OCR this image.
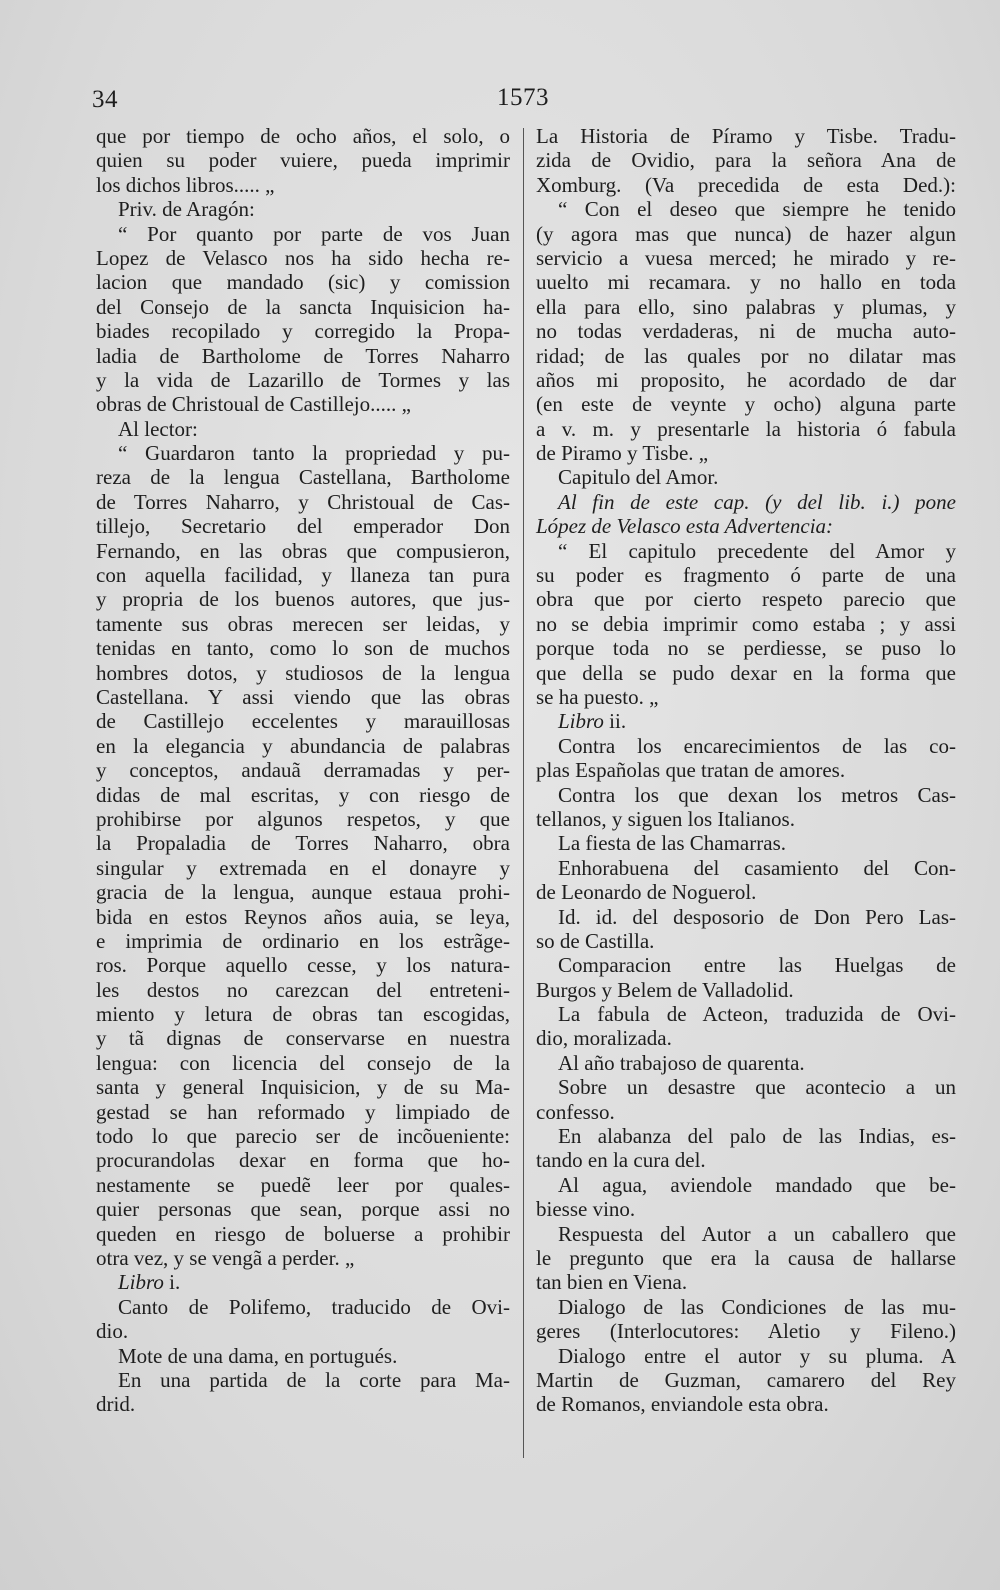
34	1573
que por tiempo de ocho años, el solo, o
quien su poder vuiere, pueda imprimir
los dichos libros..... „
Priv. de Aragón:
“ Por quanto por parte de vos Juan
Lopez de Velasco nos ha sido hecha re-
lacion que mandado (sic) y comission
del Consejo de la sancta Inquisicion ha-
biades recopilado y corregido la Propa-
ladia de Bartholome de Torres Naharro
y la vida de Lazarillo de Tormes y las
obras de Christoual de Castillejo..... „
Al lector:
“ Guardaron tanto la propriedad y pu-
reza de la lengua Castellana, Bartholome
de Torres Naharro, y Christoual de Cas-
tillejo, Secretario del emperador Don
Fernando, en las obras que compusieron,
con aquella facilidad, y llaneza tan pura
y propria de los buenos autores, que jus-
tamente sus obras merecen ser leidas, y
tenidas en tanto, como lo son de muchos
hombres dotos, y studiosos de la lengua
Castellana. Y assi viendo que las obras
de Castillejo eccelentes y marauillosas
en la elegancia y abundancia de palabras
y conceptos, andauã derramadas y per-
didas de mal escritas, y con riesgo de
prohibirse por algunos respetos, y que
la Propaladia de Torres Naharro, obra
singular y extremada en el donayre y
gracia de la lengua, aunque estaua prohi-
bida en estos Reynos años auia, se leya,
e imprimia de ordinario en los estrãge-
ros. Porque aquello cesse, y los natura-
les destos no carezcan del entreteni-
miento y letura de obras tan escogidas,
y tã dignas de conservarse en nuestra
lengua: con licencia del consejo de la
santa y general Inquisicion, y de su Ma-
gestad se han reformado y limpiado de
todo lo que parecio ser de incõueniente:
procurandolas dexar en forma que ho-
nestamente se puedẽ leer por quales-
quier personas que sean, porque assi no
queden en riesgo de boluerse a prohibir
otra vez, y se vengã a perder. „
Libro i.
Canto de Polifemo, traducido de Ovi-
dio.
Mote de una dama, en portugués.
En una partida de la corte para Ma-
drid.
La Historia de Píramo y Tisbe. Tradu-
zida de Ovidio, para la señora Ana de
Xomburg. (Va precedida de esta Ded.):
“ Con el deseo que siempre he tenido
(y agora mas que nunca) de hazer algun
servicio a vuesa merced; he mirado y re-
uuelto mi recamara. y no hallo en toda
ella para ello, sino palabras y plumas, y
no todas verdaderas, ni de mucha auto-
ridad; de las quales por no dilatar mas
años mi proposito, he acordado de dar
(en este de veynte y ocho) alguna parte
a v. m. y presentarle la historia ó fabula
de Piramo y Tisbe. „
Capitulo del Amor.
Al fin de este cap. (y del lib. i.) pone
López de Velasco esta Advertencia:
“ El capitulo precedente del Amor y
su poder es fragmento ó parte de una
obra que por cierto respeto parecio que
no se debia imprimir como estaba ; y assi
porque toda no se perdiesse, se puso lo
que della se pudo dexar en la forma que
se ha puesto. „
Libro ii.
Contra los encarecimientos de las co-
plas Españolas que tratan de amores.
Contra los que dexan los metros Cas-
tellanos, y siguen los Italianos.
La fiesta de las Chamarras.
Enhorabuena del casamiento del Con-
de Leonardo de Noguerol.
Id. id. del desposorio de Don Pero Las-
so de Castilla.
Comparacion entre las Huelgas de
Burgos y Belem de Valladolid.
La fabula de Acteon, traduzida de Ovi-
dio, moralizada.
Al año trabajoso de quarenta.
Sobre un desastre que acontecio a un
confesso.
En alabanza del palo de las Indias, es-
tando en la cura del.
Al agua, aviendole mandado que be-
biesse vino.
Respuesta del Autor a un caballero que
le pregunto que era la causa de hallarse
tan bien en Viena.
Dialogo de las Condiciones de las mu-
geres (Interlocutores: Aletio y Fileno.)
Dialogo entre el autor y su pluma. A
Martin de Guzman, camarero del Rey
de Romanos, enviandole esta obra.
